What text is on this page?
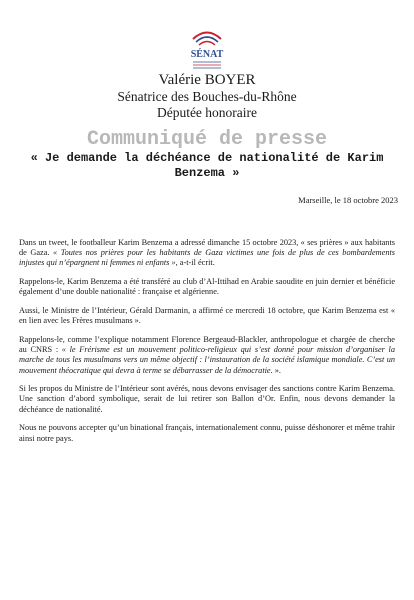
SÉNAT
Valérie BOYER
Sénatrice des Bouches-du-Rhône
Députée honoraire
Communiqué de presse
« Je demande la déchéance de nationalité de Karim Benzema »
Marseille, le 18 octobre 2023

Dans un tweet, le footballeur Karim Benzema a adressé dimanche 15 octobre 2023, « ses prières » aux habitants de Gaza. « Toutes nos prières pour les habitants de Gaza victimes une fois de plus de ces bombardements injustes qui n’épargnent ni femmes ni enfants », a-t-il écrit.

Rappelons-le, Karim Benzema a été transféré au club d’Al-Ittihad en Arabie saoudite en juin dernier et bénéficie également d’une double nationalité : française et algérienne.

Aussi, le Ministre de l’Intérieur, Gérald Darmanin, a affirmé ce mercredi 18 octobre, que Karim Benzema est « en lien avec les Frères musulmans ».

Rappelons-le, comme l’explique notamment Florence Bergeaud-Blackler, anthropologue et chargée de cherche au CNRS : « le Frérisme est un mouvement politico-religieux qui s’est donné pour mission d’organiser la marche de tous les musulmans vers un même objectif : l’instauration de la société islamique mondiale. C’est un mouvement théocratique qui devra à terme se débarrasser de la démocratie. ».

Si les propos du Ministre de l’Intérieur sont avérés, nous devons envisager des sanctions contre Karim Benzema. Une sanction d’abord symbolique, serait de lui retirer son Ballon d’Or. Enfin, nous devons demander la déchéance de nationalité.

Nous ne pouvons accepter qu’un binational français, internationalement connu, puisse déshonorer et même trahir ainsi notre pays.
